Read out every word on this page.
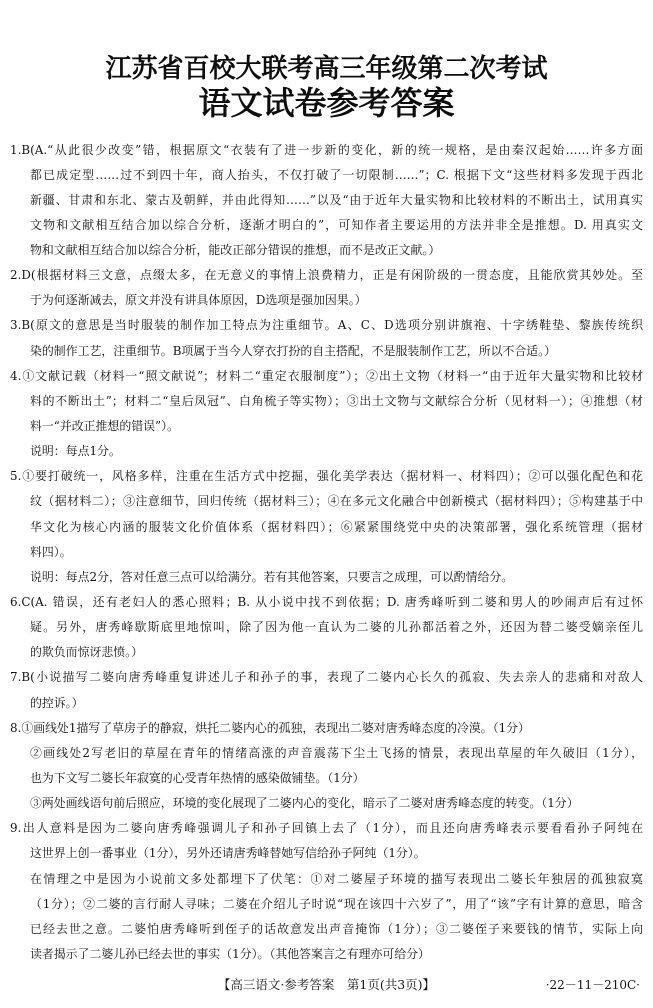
江苏省百校大联考高三年级第二次考试
语文试卷参考答案
1.B(A.“从此很少改变”错，根据原文“衣装有了进一步新的变化，新的统一规格，是由秦汉起始……许多方面
都已成定型……过不到四十年，商人抬头，不仅打破了一切限制……”；C. 根据下文“这些材料多发现于西北
新疆、甘肃和东北、蒙古及朝鲜，并由此得知……”以及“由于近年大量实物和比较材料的不断出土，试用真实
文物和文献相互结合加以综合分析，逐渐才明白的”，可知作者主要运用的方法并非全是推想。D. 用真实文
物和文献相互结合加以综合分析，能改正部分错误的推想，而不是改正文献。）
2.D(根据材料三文意，点缀太多，在无意义的事情上浪费精力，正是有闲阶级的一贯态度，且能欣赏其妙处。至
于为何逐渐减去，原文并没有讲具体原因，D选项是强加因果。）
3.B(原文的意思是当时服装的制作加工特点为注重细节。A、C、D选项分别讲旗袍、十字绣鞋垫、黎族传统织
染的制作工艺，注重细节。B项属于当今人穿衣打扮的自主搭配，不是服装制作工艺，所以不合适。）
4.①文献记载（材料一“照文献说”；材料二“重定衣服制度”）；②出土文物（材料一“由于近年大量实物和比较材
料的不断出土”；材料二“皇后凤冠”、白角梳子等实物）；③出土文物与文献综合分析（见材料一）；④推想（材
料一“并改正推想的错误”）。
说明：每点1分。
5.①要打破统一，风格多样，注重在生活方式中挖掘，强化美学表达（据材料一、材料四）；②可以强化配色和花
纹（据材料二）；③注意细节，回归传统（据材料三）；④在多元文化融合中创新模式（据材料四）；⑤构建基于中
华文化为核心内涵的服装文化价值体系（据材料四）；⑥紧紧围绕党中央的决策部署，强化系统管理（据材
料四）。
说明：每点2分，答对任意三点可以给满分。若有其他答案，只要言之成理，可以酌情给分。
6.C(A. 错误，还有老妇人的悉心照料；B. 从小说中找不到依据；D. 唐秀峰听到二婆和男人的吵闹声后有过怀
疑。另外，唐秀峰歇斯底里地惊叫，除了因为他一直认为二婆的儿孙都活着之外，还因为替二婆受嫡亲侄儿
的欺负而惊讶悲愤。）
7.B(小说描写二婆向唐秀峰重复讲述儿子和孙子的事，表现了二婆内心长久的孤寂、失去亲人的悲痛和对敌人
的控诉。）
8.①画线处1描写了草房子的静寂，烘托二婆内心的孤独，表现出二婆对唐秀峰态度的冷漠。（1分）
②画线处2写老旧的草屋在青年的情绪高涨的声音震荡下尘土飞扬的情景，表现出草屋的年久破旧（1分），
也为下文写二婆长年寂寞的心受青年热情的感染做铺垫。（1分）
③两处画线语句前后照应，环境的变化展现了二婆内心的变化，暗示了二婆对唐秀峰态度的转变。（1分）
9.出人意料是因为二婆向唐秀峰强调儿子和孙子回镇上去了（1分），而且还向唐秀峰表示要看看孙子阿纯在
这世界上创一番事业（1分），另外还请唐秀峰替她写信给孙子阿纯（1分）。
在情理之中是因为小说前文多处都埋下了伏笔：①对二婆屋子环境的描写表现出二婆长年独居的孤独寂寞
（1分）；②二婆的言行耐人寻味；二婆在介绍儿子时说“现在该四十六岁了”，用了“该”字有计算的意思，暗含
已经去世之意。二婆怕唐秀峰听到侄子的话故意发出声音掩饰（1分）；③二婆侄子来要钱的情节，实际上向
读者揭示了二婆儿孙已经去世的事实（1分）。（其他答案言之有理亦可给分）
【高三语文·参考答案　第1页(共3页)】	·22－11－210C·
